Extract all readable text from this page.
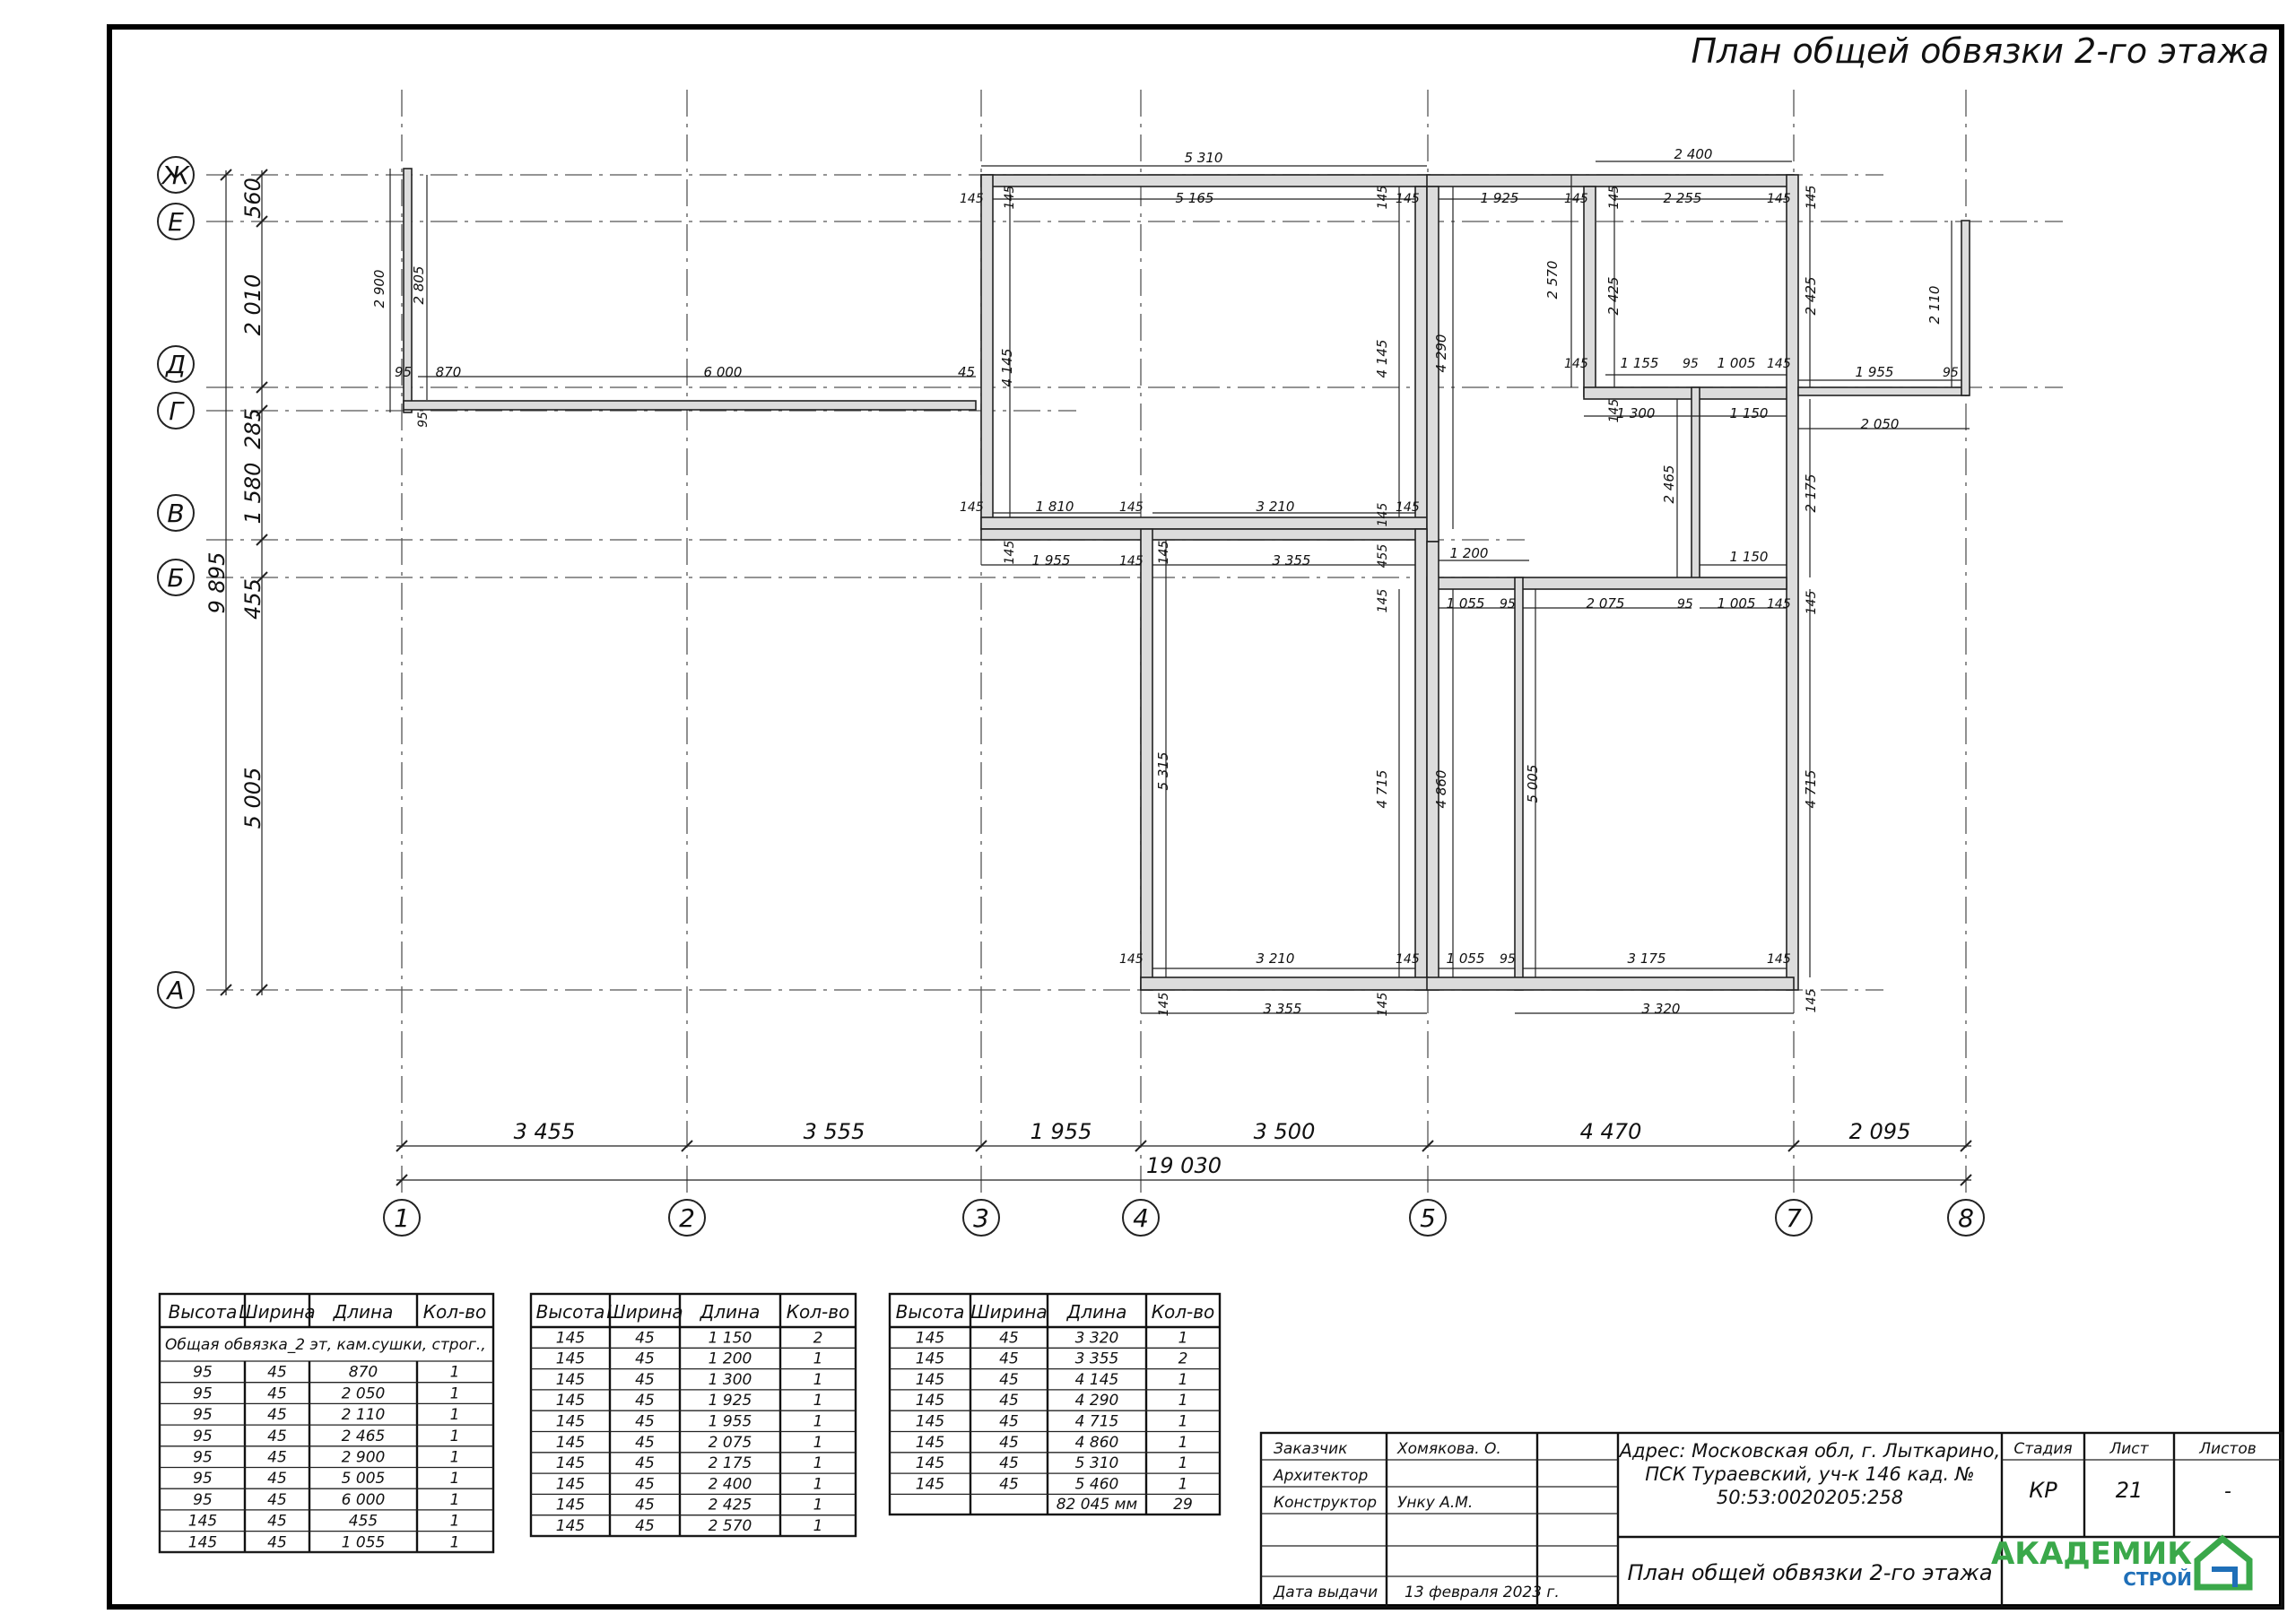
План общей обвязки 2-го этажа
Ж
Е
Д
Г
В
Б
А
560
2 010
285
1 580
455
5 005
9 895
3 455	3 555	1 955	3 500	4 470	2 095
19 030
1	2	3	4	5	7	8
2 900 2 805
95 870	6 000	45
95
5 310
5 165
145 145	145 145
4 145	4 145	4 290
1 925	145
2 400
2 255
145	145 145
2 570	2 425	2 425	2 110
145 1 155 95 1 005 145	1 955	95
145
1 300	1 150
2 050
2 465	2 175
145	1 810	145	3 210	145 145
145 1 955	145 145	3 355	455	1 200	1 150
145	1 055 95	2 075	95 1 005 145 145
5 315	4 715	4 860	5 005	4 715
145	3 210	145 1 055 95	3 175	145
145	3 355	145	3 320	145
Высота Ширина Длина Кол-во
Общая обвязка_2 эт, кам.сушки, строг.,
95	45	870	1
95	45	2 050	1
95	45	2 110	1
95	45	2 465	1
95	45	2 900	1
95	45	5 005	1
95	45	6 000	1
145	45	455	1
145	45	1 055	1
Высота Ширина Длина Кол-во
145	45	1 150	2
145	45	1 200	1
145	45	1 300	1
145	45	1 925	1
145	45	1 955	1
145	45	2 075	1
145	45	2 175	1
145	45	2 400	1
145	45	2 425	1
145	45	2 570	1
Высота Ширина Длина Кол-во
145	45	3 320	1
145	45	3 355	2
145	45	4 145	1
145	45	4 290	1
145	45	4 715	1
145	45	4 860	1
145	45	5 310	1
145	45	5 460	1
82 045 мм 29
Заказчик	Хомякова. О.
Архитектор
Конструктор Унку А.М.
Дата выдачи 13 февраля 2023 г.
Адрес: Московская обл, г. Лыткарино,
ПСК Тураевский, уч-к 146 кад. №
50:53:0020205:258
План общей обвязки 2-го этажа
Стадия
КР
Лист
21
Листов
-
АКАДЕМИК
СТРОЙ
